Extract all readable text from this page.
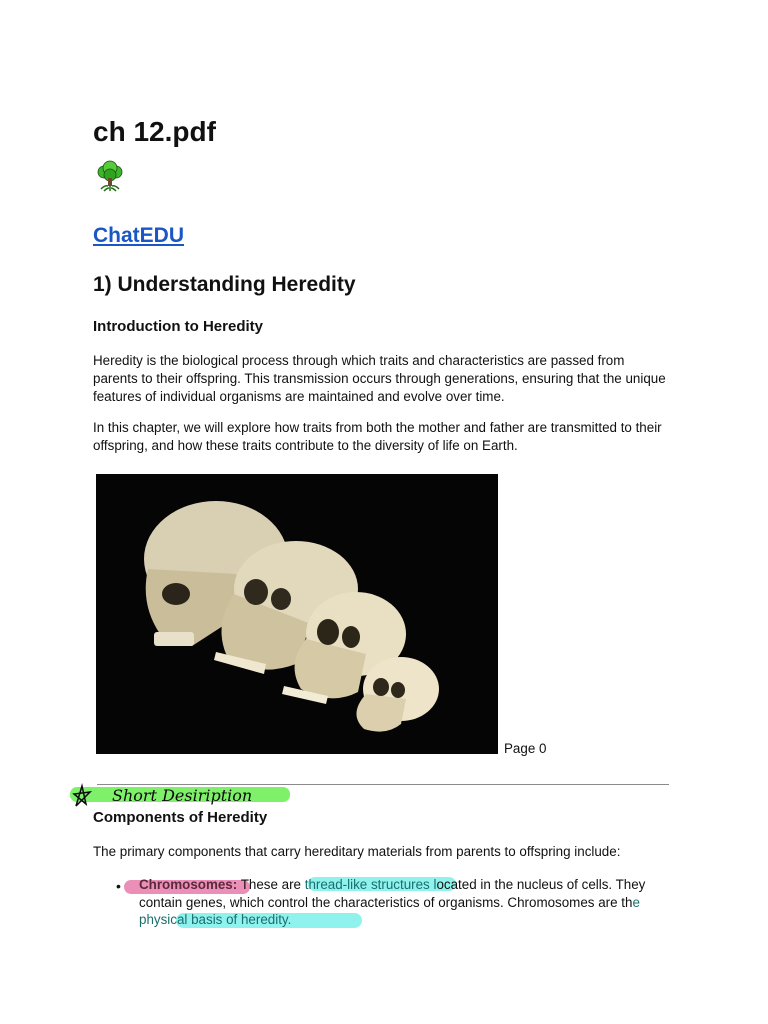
ch 12.pdf
ChatEDU
1) Understanding Heredity
Introduction to Heredity

Heredity is the biological process through which traits and characteristics are passed from parents to their offspring. This transmission occurs through generations, ensuring that the unique features of individual organisms are maintained and evolve over time.

In this chapter, we will explore how traits from both the mother and father are transmitted to their offspring, and how these traits contribute to the diversity of life on Earth.

Page 0
Short Desiription
Components of Heredity

The primary components that carry hereditary materials from parents to offspring include:

• Chromosomes: These are thread-like structures located in the nucleus of cells. They contain genes, which control the characteristics of organisms. Chromosomes are the physical basis of heredity.
